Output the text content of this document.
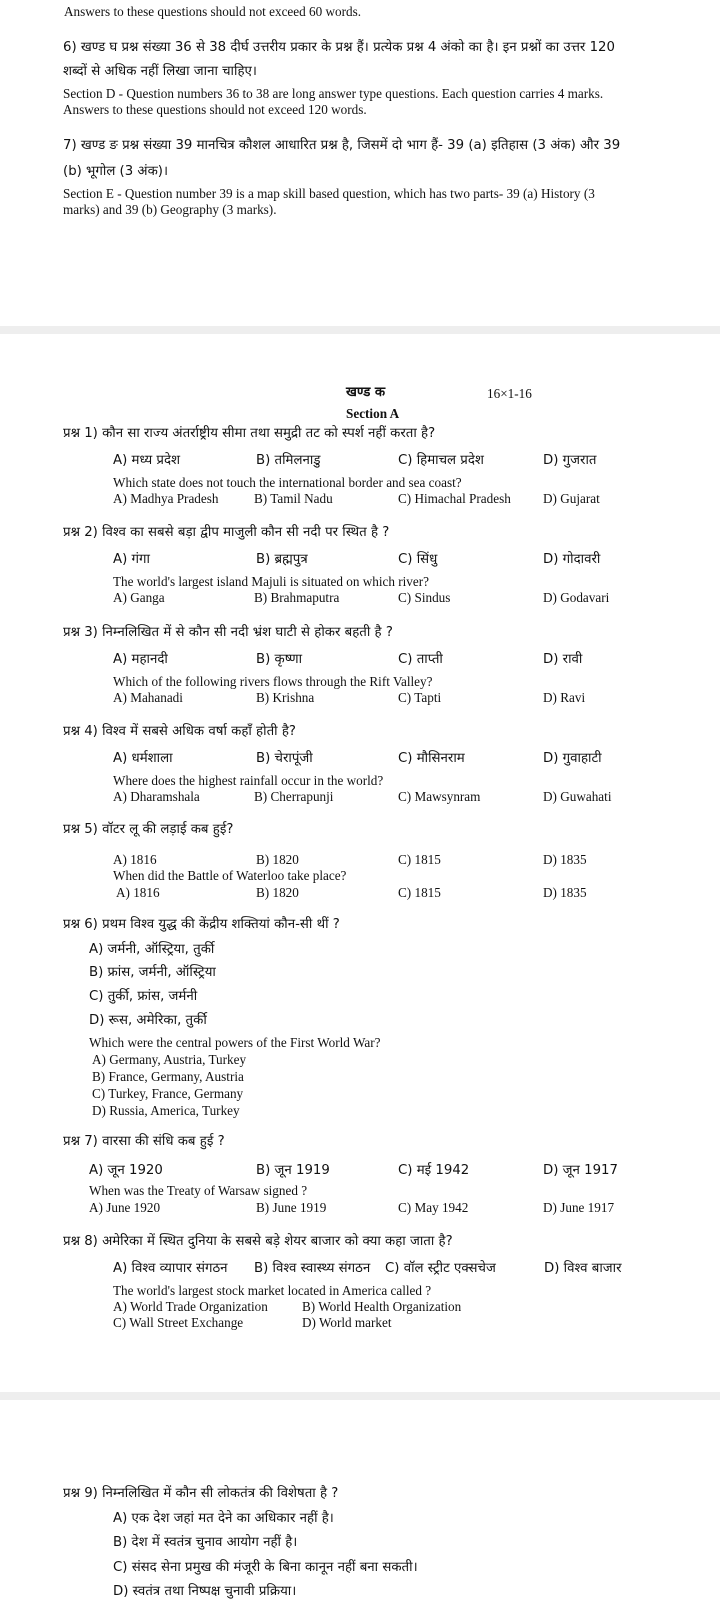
Answers to these questions should not exceed 60 words.
6) खण्ड घ प्रश्न संख्या 36 से 38 दीर्घ उत्तरीय प्रकार के प्रश्न हैं। प्रत्येक प्रश्न 4 अंको का है। इन प्रश्नों का उत्तर 120
शब्दों से अधिक नहीं लिखा जाना चाहिए।
Section D - Question numbers 36 to 38 are long answer type questions. Each question carries 4 marks.
Answers to these questions should not exceed 120 words.
7) खण्ड ङ प्रश्न संख्या 39 मानचित्र कौशल आधारित प्रश्न है, जिसमें दो भाग हैं- 39 (a) इतिहास (3 अंक) और 39
(b) भूगोल (3 अंक)।
Section E - Question number 39 is a map skill based question, which has two parts- 39 (a) History (3
marks) and 39 (b) Geography (3 marks).
खण्ड क	16×1-16
Section A
प्रश्न 1) कौन सा राज्य अंतर्राष्ट्रीय सीमा तथा समुद्री तट को स्पर्श नहीं करता है?
A) मध्य प्रदेश	B) तमिलनाडु	C) हिमाचल प्रदेश	D) गुजरात
Which state does not touch the international border and sea coast?
A) Madhya Pradesh	B) Tamil Nadu	C) Himachal Pradesh D) Gujarat
प्रश्न 2) विश्व का सबसे बड़ा द्वीप माजुली कौन सी नदी पर स्थित है ?
A) गंगा	B) ब्रह्मपुत्र	C) सिंधु	D) गोदावरी
The world's largest island Majuli is situated on which river?
A) Ganga	B) Brahmaputra	C) Sindus	D) Godavari
प्रश्न 3) निम्नलिखित में से कौन सी नदी भ्रंश घाटी से होकर बहती है ?
A) महानदी	B) कृष्णा	C) ताप्ती	D) रावी
Which of the following rivers flows through the Rift Valley?
A) Mahanadi	B) Krishna	C) Tapti	D) Ravi
प्रश्न 4) विश्व में सबसे अधिक वर्षा कहाँ होती है?
A) धर्मशाला	B) चेरापूंजी	C) मौसिनराम	D) गुवाहाटी
Where does the highest rainfall occur in the world?
A) Dharamshala	B) Cherrapunji	C) Mawsynram	D) Guwahati
प्रश्न 5) वॉटर लू की लड़ाई कब हुई?
A) 1816	B) 1820	C) 1815	D) 1835
When did the Battle of Waterloo take place?
A) 1816	B) 1820	C) 1815	D) 1835
प्रश्न 6) प्रथम विश्व युद्ध की केंद्रीय शक्तियां कौन-सी थीं ?
A) जर्मनी, ऑस्ट्रिया, तुर्की
B) फ्रांस, जर्मनी, ऑस्ट्रिया
C) तुर्की, फ्रांस, जर्मनी
D) रूस, अमेरिका, तुर्की
Which were the central powers of the First World War?
A) Germany, Austria, Turkey
B) France, Germany, Austria
C) Turkey, France, Germany
D) Russia, America, Turkey
प्रश्न 7) वारसा की संधि कब हुई ?
A) जून 1920	B) जून 1919	C) मई 1942	D) जून 1917
When was the Treaty of Warsaw signed ?
A) June 1920	B) June 1919	C) May 1942	D) June 1917
प्रश्न 8) अमेरिका में स्थित दुनिया के सबसे बड़े शेयर बाजार को क्या कहा जाता है?
A) विश्व व्यापार संगठन B) विश्व स्वास्थ्य संगठन C) वॉल स्ट्रीट एक्सचेज	D) विश्व बाजार
The world's largest stock market located in America called ?
A) World Trade Organization	B) World Health Organization
C) Wall Street Exchange	D) World market
प्रश्न 9) निम्नलिखित में कौन सी लोकतंत्र की विशेषता है ?
A) एक देश जहां मत देने का अधिकार नहीं है।
B) देश में स्वतंत्र चुनाव आयोग नहीं है।
C) संसद सेना प्रमुख की मंजूरी के बिना कानून नहीं बना सकती।
D) स्वतंत्र तथा निष्पक्ष चुनावी प्रक्रिया।
